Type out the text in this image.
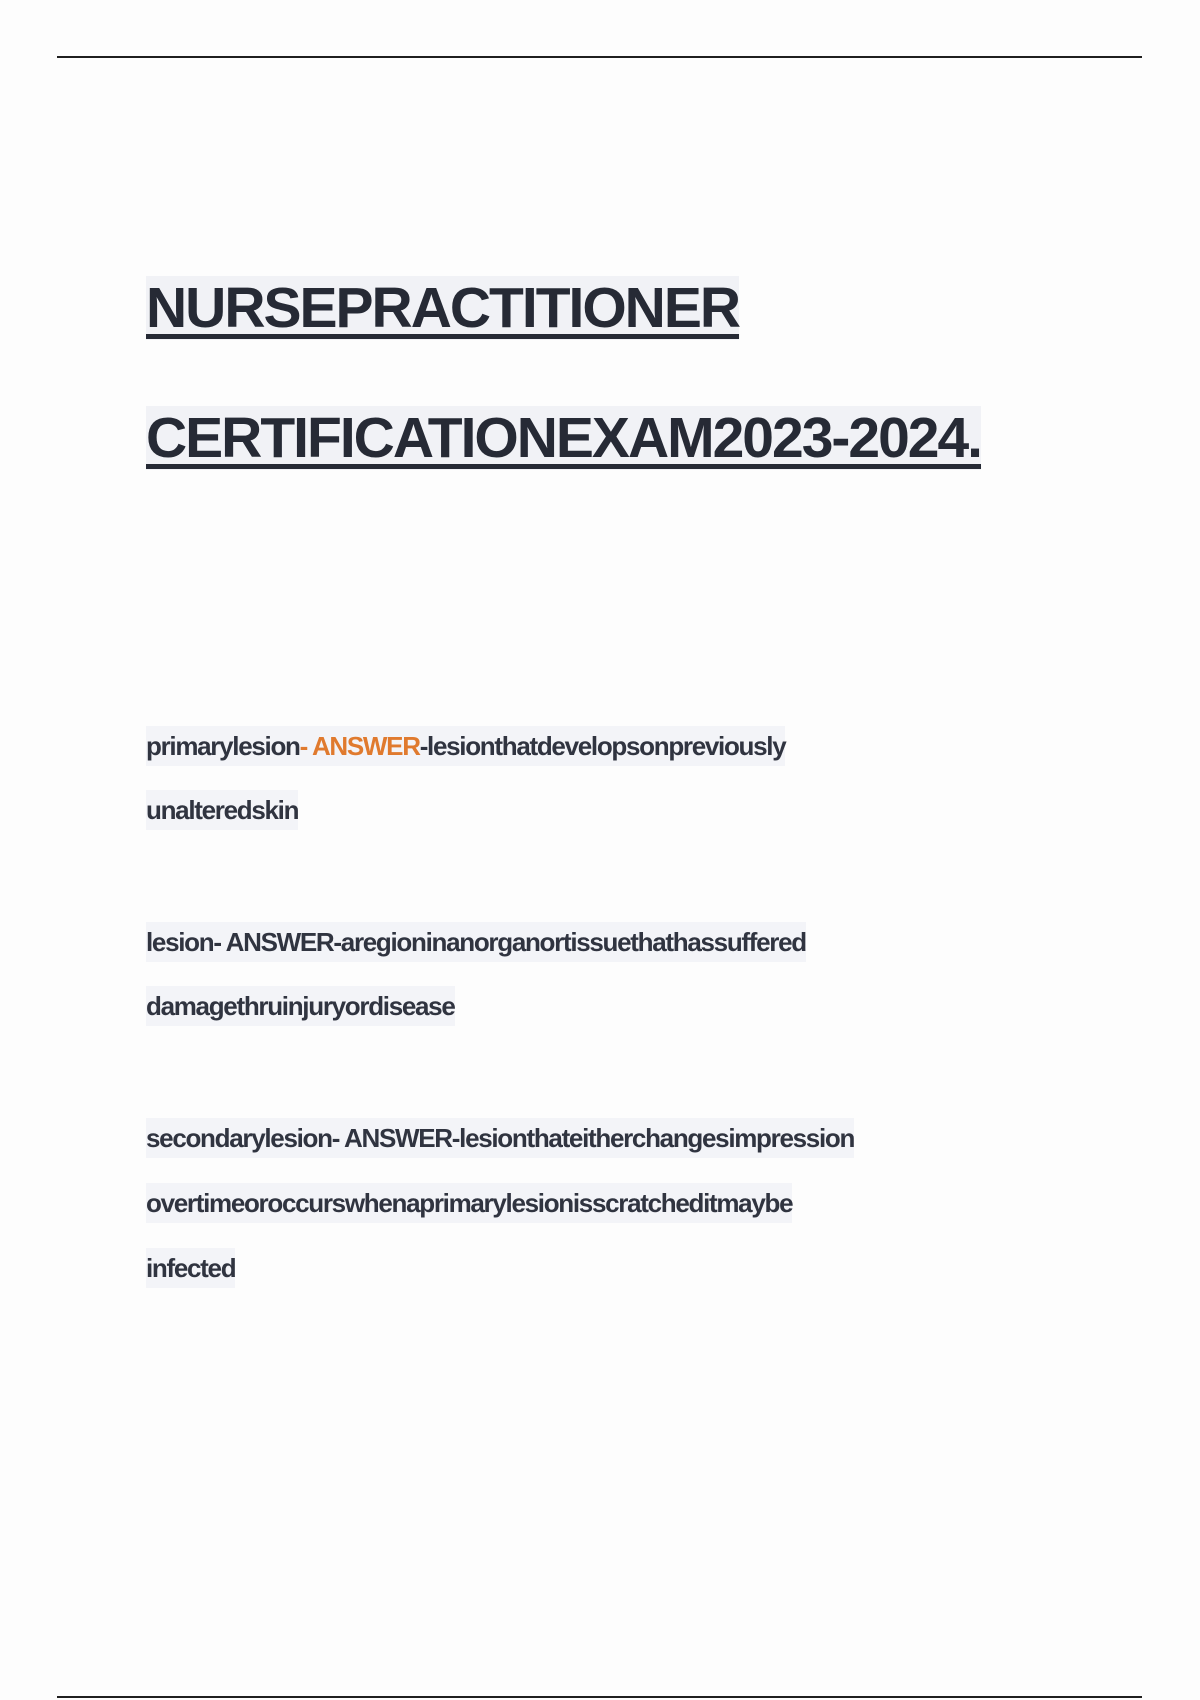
NURSEPRACTITIONER
CERTIFICATIONEXAM2023-2024.

primarylesion- ANSWER-lesionthatdevelopsonpreviously

unalteredskin

lesion- ANSWER-aregioninanorganortissuethathassuffered

damagethruinjuryordisease

secondarylesion- ANSWER-lesionthateitherchangesimpression

overtimeoroccurswhenaprimarylesionisscratcheditmaybe

infected
